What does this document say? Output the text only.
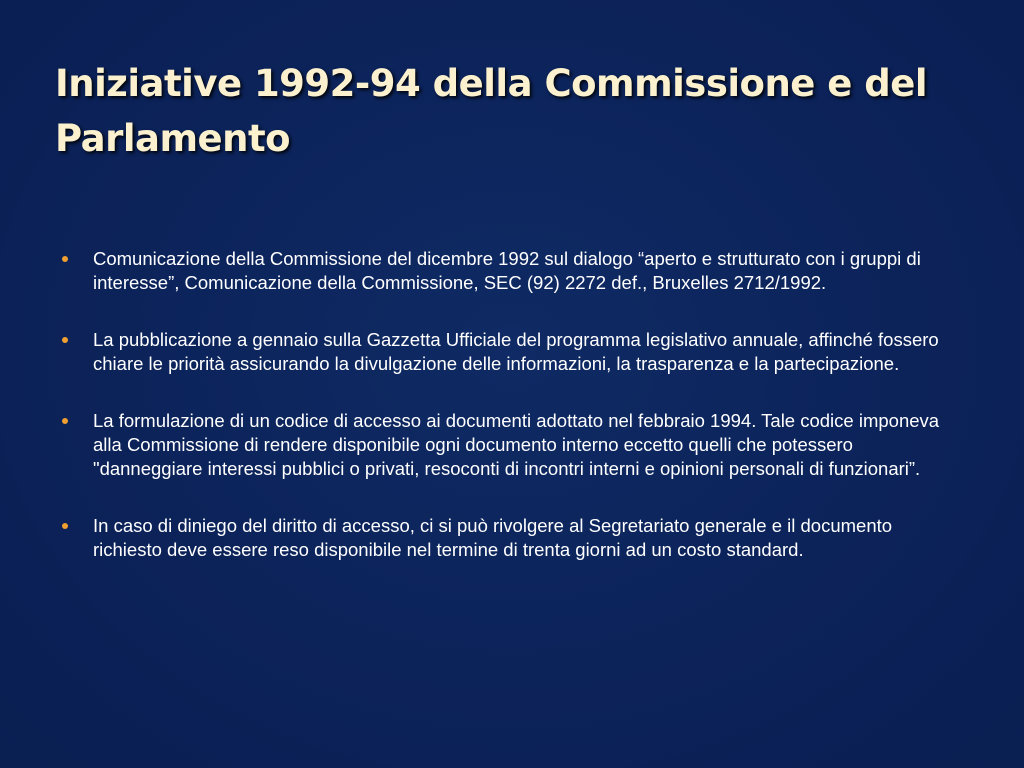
Iniziative 1992-94 della Commissione e del Parlamento
Comunicazione della Commissione del dicembre 1992 sul dialogo “aperto e strutturato con i gruppi di interesse”, Comunicazione della Commissione, SEC (92) 2272 def., Bruxelles 2712/1992.
La pubblicazione a gennaio sulla Gazzetta Ufficiale del programma legislativo annuale, affinché fossero chiare le priorità assicurando la divulgazione delle informazioni, la trasparenza e la partecipazione.
La formulazione di un codice di accesso ai documenti adottato nel febbraio 1994. Tale codice imponeva alla Commissione di rendere disponibile ogni documento interno eccetto quelli che potessero "danneggiare interessi pubblici o privati, resoconti di incontri interni e opinioni personali di funzionari”.
In caso di diniego del diritto di accesso, ci si può rivolgere al Segretariato generale e il documento richiesto deve essere reso disponibile nel termine di trenta giorni ad un costo standard.
